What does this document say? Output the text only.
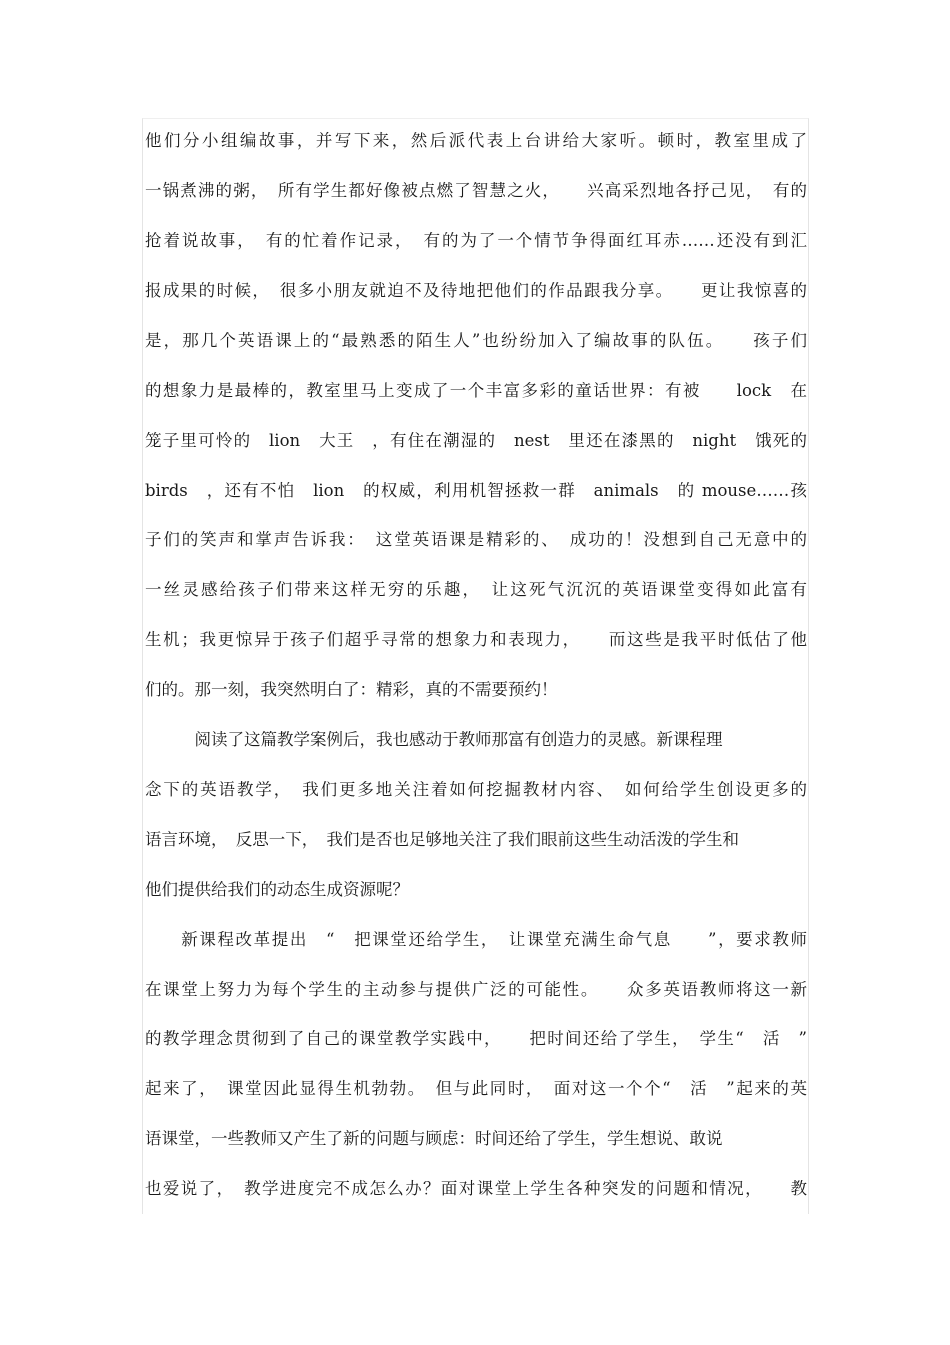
他们分小组编故事，并写下来，然后派代表上台讲给大家听。顿时，教室里成了
一锅煮沸的粥，　所有学生都好像被点燃了智慧之火，　　兴高采烈地各抒己见，　有的
抢着说故事，　有的忙着作记录，　有的为了一个情节争得面红耳赤……还没有到汇
报成果的时候，　很多小朋友就迫不及待地把他们的作品跟我分享。　　更让我惊喜的
是，那几个英语课上的“最熟悉的陌生人”也纷纷加入了编故事的队伍。　　孩子们
的想象力是最棒的，教室里马上变成了一个丰富多彩的童话世界：有被　　lock　在
笼子里可怜的　lion　大王　，有住在潮湿的　nest　里还在漆黑的　night　饿死的
birds　，还有不怕　lion　的权威，利用机智拯救一群　animals　的 mouse……孩
子们的笑声和掌声告诉我：　这堂英语课是精彩的、　成功的！没想到自己无意中的
一丝灵感给孩子们带来这样无穷的乐趣，　让这死气沉沉的英语课堂变得如此富有
生机；我更惊异于孩子们超乎寻常的想象力和表现力，　　而这些是我平时低估了他
们的。那一刻，我突然明白了：精彩，真的不需要预约！
　　　阅读了这篇教学案例后，我也感动于教师那富有创造力的灵感。新课程理
念下的英语教学，　我们更多地关注着如何挖掘教材内容、　如何给学生创设更多的
语言环境，　反思一下，　我们是否也足够地关注了我们眼前这些生动活泼的学生和
他们提供给我们的动态生成资源呢？
　　新课程改革提出　“　把课堂还给学生，　让课堂充满生命气息　　”，要求教师
在课堂上努力为每个学生的主动参与提供广泛的可能性。　　众多英语教师将这一新
的教学理念贯彻到了自己的课堂教学实践中，　　把时间还给了学生，　学生“　活　”
起来了，　课堂因此显得生机勃勃。　但与此同时，　面对这一个个“　活　”起来的英
语课堂，一些教师又产生了新的问题与顾虑：时间还给了学生，学生想说、敢说
也爱说了，　教学进度完不成怎么办？面对课堂上学生各种突发的问题和情况，　　教
